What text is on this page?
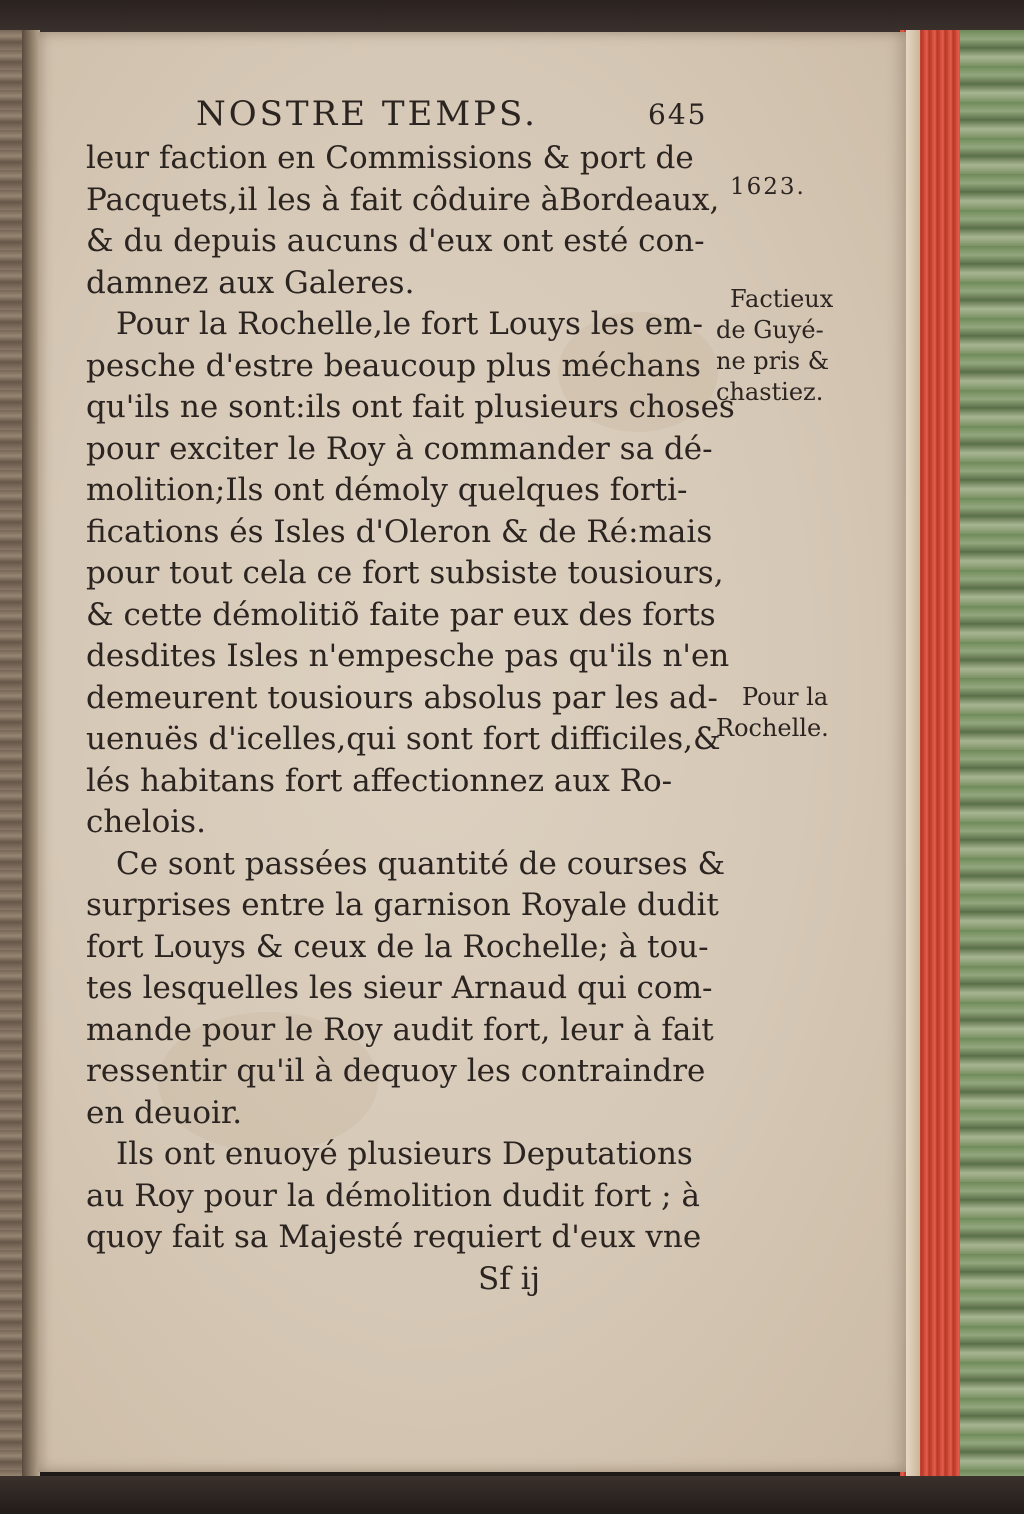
NOSTRE TEMPS.	645
leur faction en Commissions & port de
Pacquets,il les à fait côduire àBordeaux,
& du depuis aucuns d'eux ont esté con-
damnez aux Galeres.
Pour la Rochelle,le fort Louys les em-
pesche d'estre beaucoup plus méchans
qu'ils ne sont:ils ont fait plusieurs choses
pour exciter le Roy à commander sa dé-
molition;Ils ont démoly quelques forti-
fications és Isles d'Oleron & de Ré:mais
pour tout cela ce fort subsiste tousiours,
& cette démolitiõ faite par eux des forts
desdites Isles n'empesche pas qu'ils n'en
demeurent tousiours absolus par les ad-
uenuës d'icelles,qui sont fort difficiles,&
lés habitans fort affectionnez aux Ro-
chelois.
Ce sont passées quantité de courses &
surprises entre la garnison Royale dudit
fort Louys & ceux de la Rochelle; à tou-
tes lesquelles les sieur Arnaud qui com-
mande pour le Roy audit fort, leur à fait
ressentir qu'il à dequoy les contraindre
en deuoir.
Ils ont enuoyé plusieurs Deputations
au Roy pour la démolition dudit fort ; à
quoy fait sa Majesté requiert d'eux vne
Sf ij
1623.
Factieux
de Guyé-
ne pris &
chastiez.
Pour la
Rochelle.
